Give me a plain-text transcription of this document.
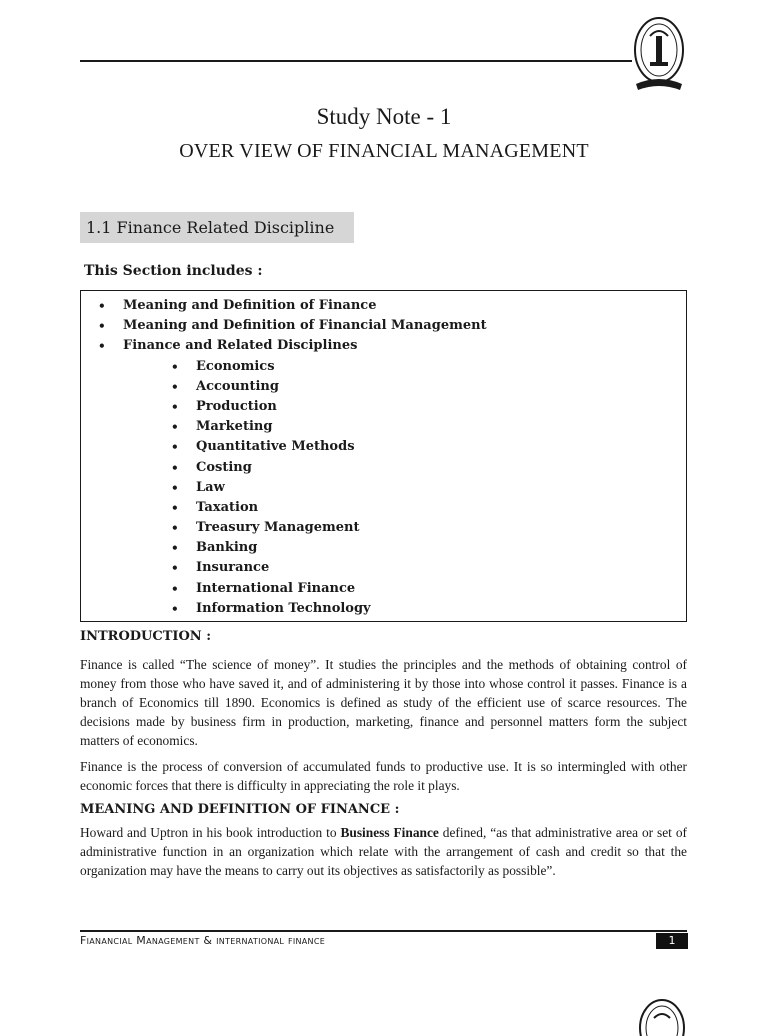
Study Note - 1
OVER VIEW OF FINANCIAL MANAGEMENT
1.1 Finance Related Discipline
This Section includes :
• Meaning and Definition of Finance
• Meaning and Definition of Financial Management
• Finance and Related Disciplines
• Economics
• Accounting
• Production
• Marketing
• Quantitative Methods
• Costing
• Law
• Taxation
• Treasury Management
• Banking
• Insurance
• International Finance
• Information Technology
INTRODUCTION :

Finance is called “The science of money”. It studies the principles and the methods of obtaining control of money from those who have saved it, and of administering it by those into whose control it passes. Finance is a branch of Economics till 1890. Economics is defined as study of the efficient use of scarce resources. The decisions made by business firm in production, marketing, finance and personnel matters form the subject matters of economics.

Finance is the process of conversion of accumulated funds to productive use. It is so intermingled with other economic forces that there is difficulty in appreciating the role it plays.

MEANING AND DEFINITION OF FINANCE :

Howard and Uptron in his book introduction to Business Finance defined, “as that administrative area or set of administrative function in an organization which relate with the arrangement of cash and credit so that the organization may have the means to carry out its objectives as satisfactorily as possible”.

Fianancial Management & international finance	1
